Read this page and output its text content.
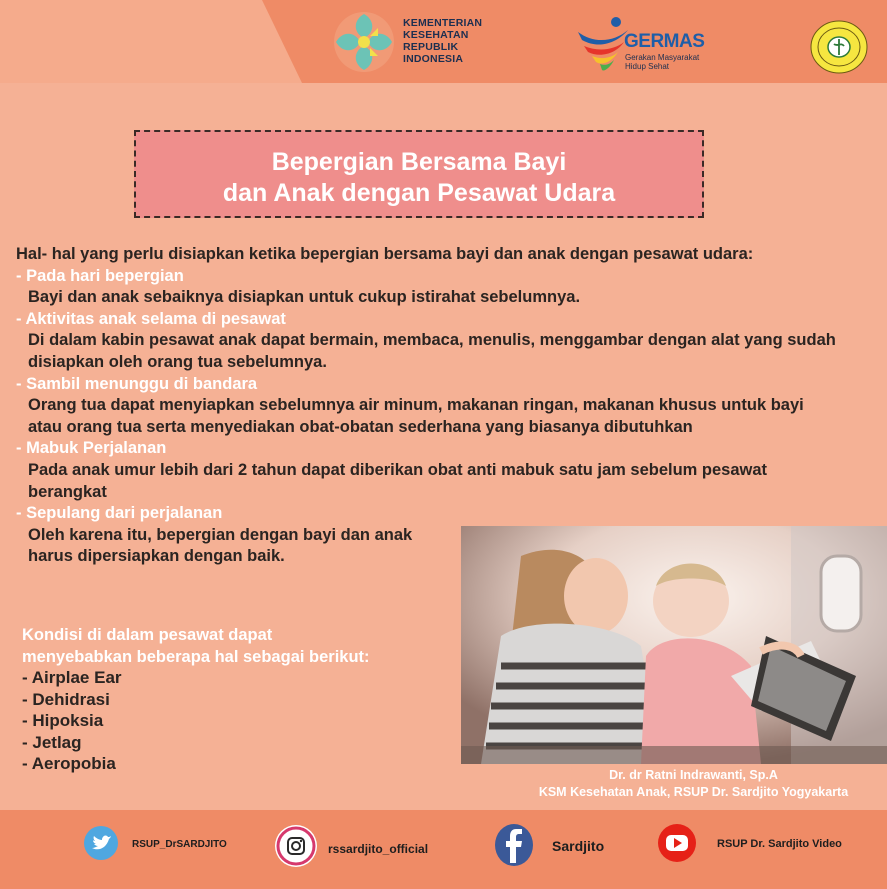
KEMENTERIAN
KESEHATAN
REPUBLIK
INDONESIA
GERMAS
Gerakan Masyarakat
Hidup Sehat
Bepergian Bersama Bayi
dan Anak dengan Pesawat Udara
Hal- hal yang perlu disiapkan ketika bepergian bersama bayi dan anak dengan pesawat udara:
- Pada hari bepergian
Bayi dan anak sebaiknya disiapkan untuk cukup istirahat sebelumnya.
- Aktivitas anak selama di pesawat
Di dalam kabin pesawat anak dapat bermain, membaca, menulis, menggambar dengan alat yang sudah disiapkan oleh orang tua sebelumnya.
- Sambil menunggu di bandara
Orang tua dapat menyiapkan sebelumnya air minum, makanan ringan, makanan khusus untuk bayi atau orang tua serta menyediakan obat-obatan sederhana yang biasanya dibutuhkan
- Mabuk Perjalanan
Pada anak umur lebih dari 2 tahun dapat diberikan obat anti mabuk satu jam sebelum pesawat berangkat
- Sepulang dari perjalanan
Oleh karena itu, bepergian dengan bayi dan anak harus dipersiapkan dengan baik.
Kondisi di dalam pesawat dapat
menyebabkan beberapa hal sebagai berikut:
- Airplae Ear
- Dehidrasi
- Hipoksia
- Jetlag
- Aeropobia
Dr. dr Ratni Indrawanti, Sp.A
KSM Kesehatan Anak, RSUP Dr. Sardjito Yogyakarta
RSUP_DrSARDJITO	rssardjito_official	Sardjito	RSUP Dr. Sardjito Video
